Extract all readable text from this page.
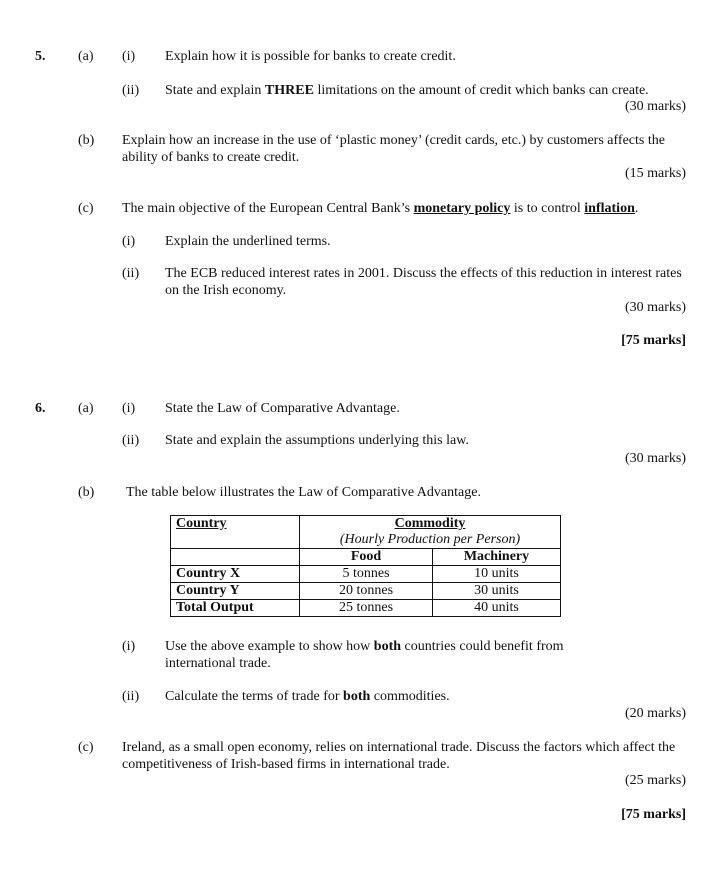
5. (a) (i) Explain how it is possible for banks to create credit.
(ii) State and explain THREE limitations on the amount of credit which banks can create.
(30 marks)
(b) Explain how an increase in the use of ‘plastic money’ (credit cards, etc.) by customers affects the ability of banks to create credit.
(15 marks)
(c) The main objective of the European Central Bank’s monetary policy is to control inflation.
(i) Explain the underlined terms.
(ii) The ECB reduced interest rates in 2001. Discuss the effects of this reduction in interest rates on the Irish economy.
(30 marks)
[75 marks]
6. (a) (i) State the Law of Comparative Advantage.
(ii) State and explain the assumptions underlying this law.
(30 marks)
(b) The table below illustrates the Law of Comparative Advantage.
Country	Commodity	

	(Hourly Production per Person)	
	Food	Machinery
Country X	5 tonnes	10 units
Country Y	20 tonnes	30 units
Total Output	25 tonnes	40 units
(i) Use the above example to show how both countries could benefit from international trade.
(ii) Calculate the terms of trade for both commodities.
(20 marks)
(c) Ireland, as a small open economy, relies on international trade. Discuss the factors which affect the competitiveness of Irish-based firms in international trade.
(25 marks)
[75 marks]
